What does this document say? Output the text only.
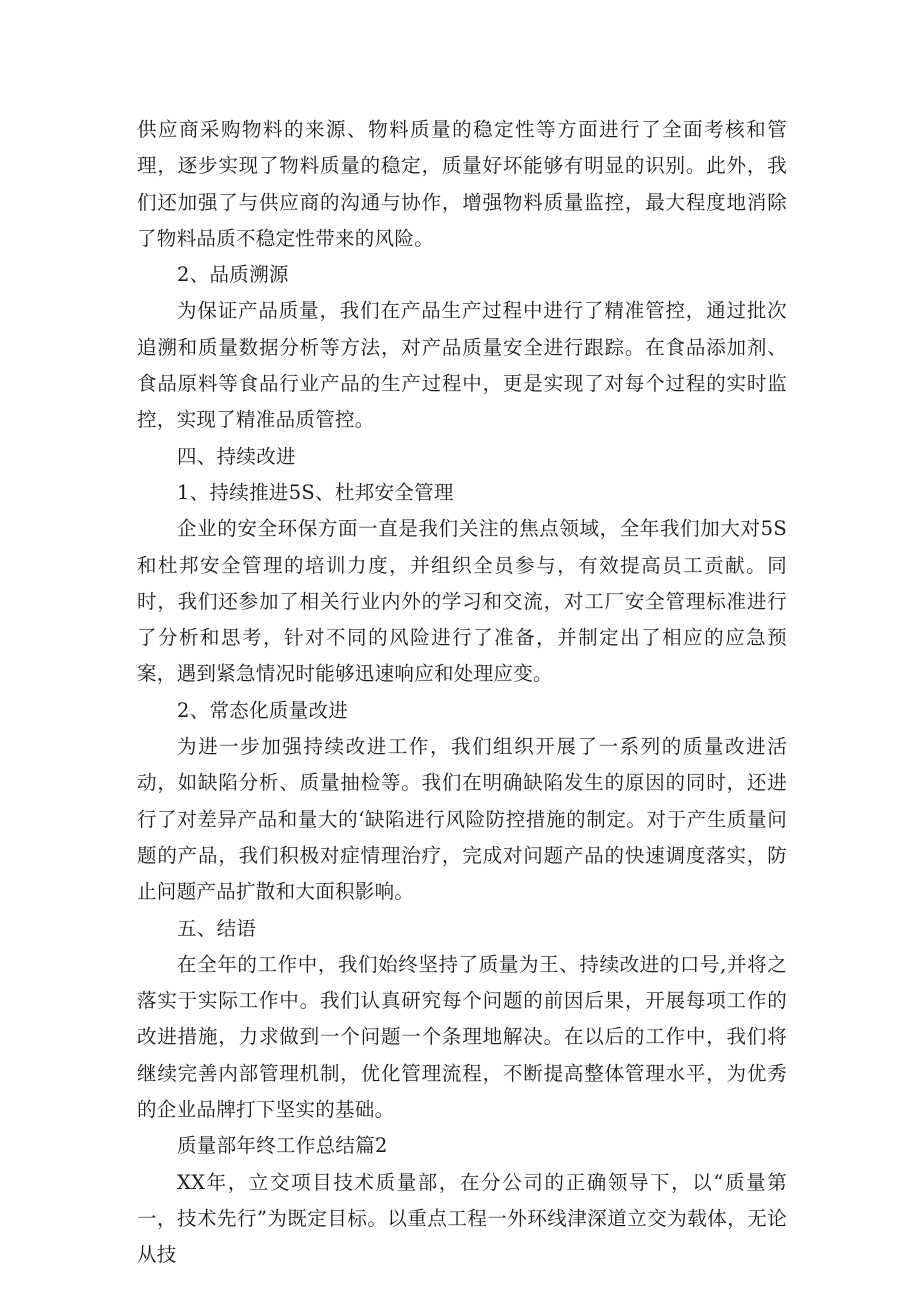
供应商采购物料的来源、物料质量的稳定性等方面进行了全面考核和管理，逐步实现了物料质量的稳定，质量好坏能够有明显的识别。此外，我们还加强了与供应商的沟通与协作，增强物料质量监控，最大程度地消除了物料品质不稳定性带来的风险。

2、品质溯源

为保证产品质量，我们在产品生产过程中进行了精准管控，通过批次追溯和质量数据分析等方法，对产品质量安全进行跟踪。在食品添加剂、食品原料等食品行业产品的生产过程中，更是实现了对每个过程的实时监控，实现了精准品质管控。

四、持续改进

1、持续推进5S、杜邦安全管理

企业的安全环保方面一直是我们关注的焦点领域，全年我们加大对5S和杜邦安全管理的培训力度，并组织全员参与，有效提高员工贡献。同时，我们还参加了相关行业内外的学习和交流，对工厂安全管理标准进行了分析和思考，针对不同的风险进行了准备，并制定出了相应的应急预案，遇到紧急情况时能够迅速响应和处理应变。

2、常态化质量改进

为进一步加强持续改进工作，我们组织开展了一系列的质量改进活动，如缺陷分析、质量抽检等。我们在明确缺陷发生的原因的同时，还进行了对差异产品和量大的‘缺陷进行风险防控措施的制定。对于产生质量问题的产品，我们积极对症情理治疗，完成对问题产品的快速调度落实，防止问题产品扩散和大面积影响。

五、结语

在全年的工作中，我们始终坚持了质量为王、持续改进的口号,并将之落实于实际工作中。我们认真研究每个问题的前因后果，开展每项工作的改进措施，力求做到一个问题一个条理地解决。在以后的工作中，我们将继续完善内部管理机制，优化管理流程，不断提高整体管理水平，为优秀的企业品牌打下坚实的基础。

质量部年终工作总结篇2

XX年，立交项目技术质量部，在分公司的正确领导下，以“质量第一，技术先行”为既定目标。以重点工程一外环线津深道立交为载体，无论从技
